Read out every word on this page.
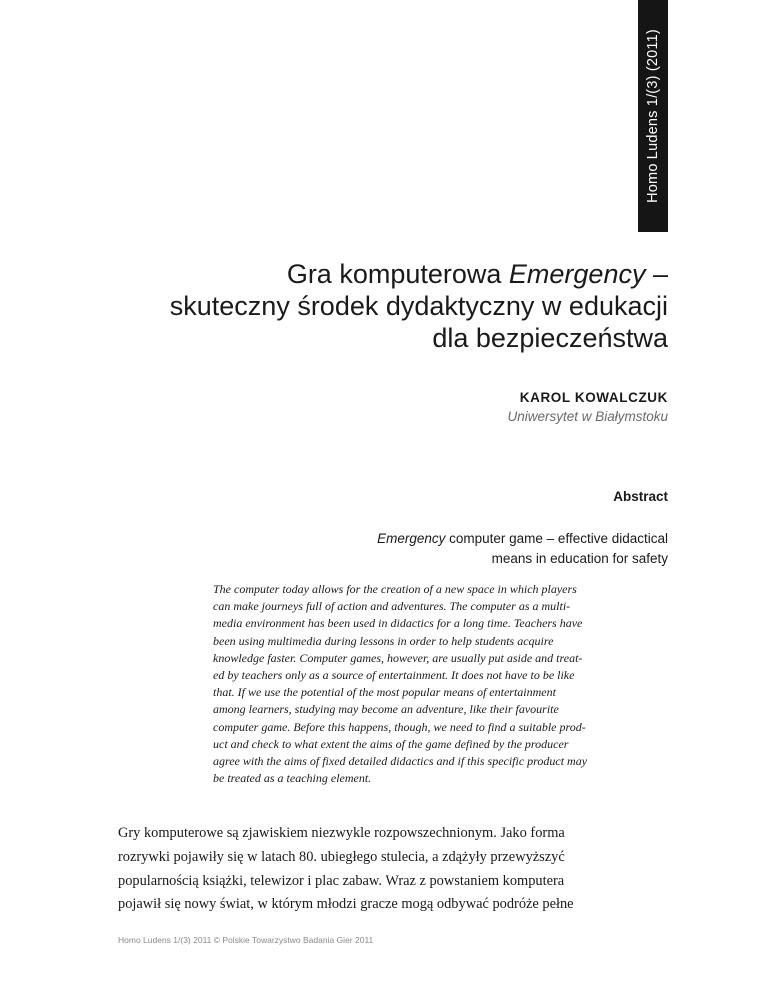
Homo Ludens 1/(3) (2011)
Gra komputerowa Emergency –
skuteczny środek dydaktyczny w edukacji
dla bezpieczeństwa

KAROL KOWALCZUK

Uniwersytet w Białymstoku

Abstract

Emergency computer game – effective didactical
means in education for safety

The computer today allows for the creation of a new space in which players
can make journeys full of action and adventures. The computer as a multi-
media environment has been used in didactics for a long time. Teachers have
been using multimedia during lessons in order to help students acquire
knowledge faster. Computer games, however, are usually put aside and treat-
ed by teachers only as a source of entertainment. It does not have to be like
that. If we use the potential of the most popular means of entertainment
among learners, studying may become an adventure, like their favourite
computer game. Before this happens, though, we need to find a suitable prod-
uct and check to what extent the aims of the game defined by the producer
agree with the aims of fixed detailed didactics and if this specific product may
be treated as a teaching element.

Gry komputerowe są zjawiskiem niezwykle rozpowszechnionym. Jako forma
rozrywki pojawiły się w latach 80. ubiegłego stulecia, a zdążyły przewyższyć
popularnością książki, telewizor i plac zabaw. Wraz z powstaniem komputera
pojawił się nowy świat, w którym młodzi gracze mogą odbywać podróże pełne

Homo Ludens 1/(3) 2011 © Polskie Towarzystwo Badania Gier 2011
